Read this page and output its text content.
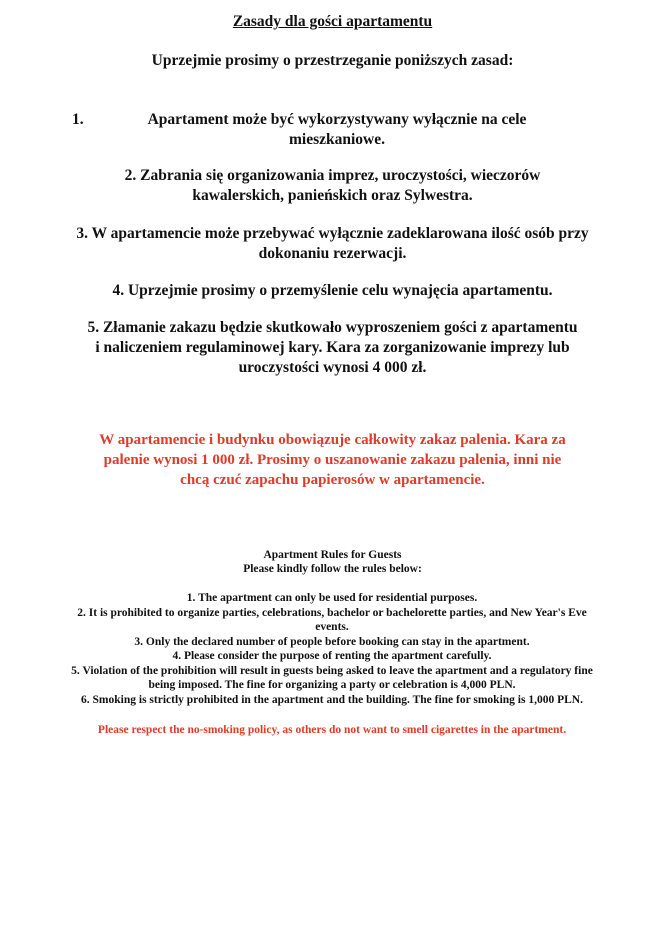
Zasady dla gości apartamentu
Uprzejmie prosimy o przestrzeganie poniższych zasad:
1.	Apartament może być wykorzystywany wyłącznie na cele mieszkaniowe.
2. Zabrania się organizowania imprez, uroczystości, wieczorów kawalerskich, panieńskich oraz Sylwestra.
3. W apartamencie może przebywać wyłącznie zadeklarowana ilość osób przy dokonaniu rezerwacji.
4. Uprzejmie prosimy o przemyślenie celu wynajęcia apartamentu.
5. Złamanie zakazu będzie skutkowało wyproszeniem gości z apartamentu
i naliczeniem regulaminowej kary. Kara za zorganizowanie imprezy lub
uroczystości wynosi 4 000 zł.
W apartamencie i budynku obowiązuje całkowity zakaz palenia. Kara za
palenie wynosi 1 000 zł. Prosimy o uszanowanie zakazu palenia, inni nie
chcą czuć zapachu papierosów w apartamencie.
Apartment Rules for Guests
Please kindly follow the rules below:
1. The apartment can only be used for residential purposes.
2. It is prohibited to organize parties, celebrations, bachelor or bachelorette parties, and New Year's Eve events.
3. Only the declared number of people before booking can stay in the apartment.
4. Please consider the purpose of renting the apartment carefully.
5. Violation of the prohibition will result in guests being asked to leave the apartment and a regulatory fine being imposed. The fine for organizing a party or celebration is 4,000 PLN.
6. Smoking is strictly prohibited in the apartment and the building. The fine for smoking is 1,000 PLN.
Please respect the no-smoking policy, as others do not want to smell cigarettes in the apartment.
